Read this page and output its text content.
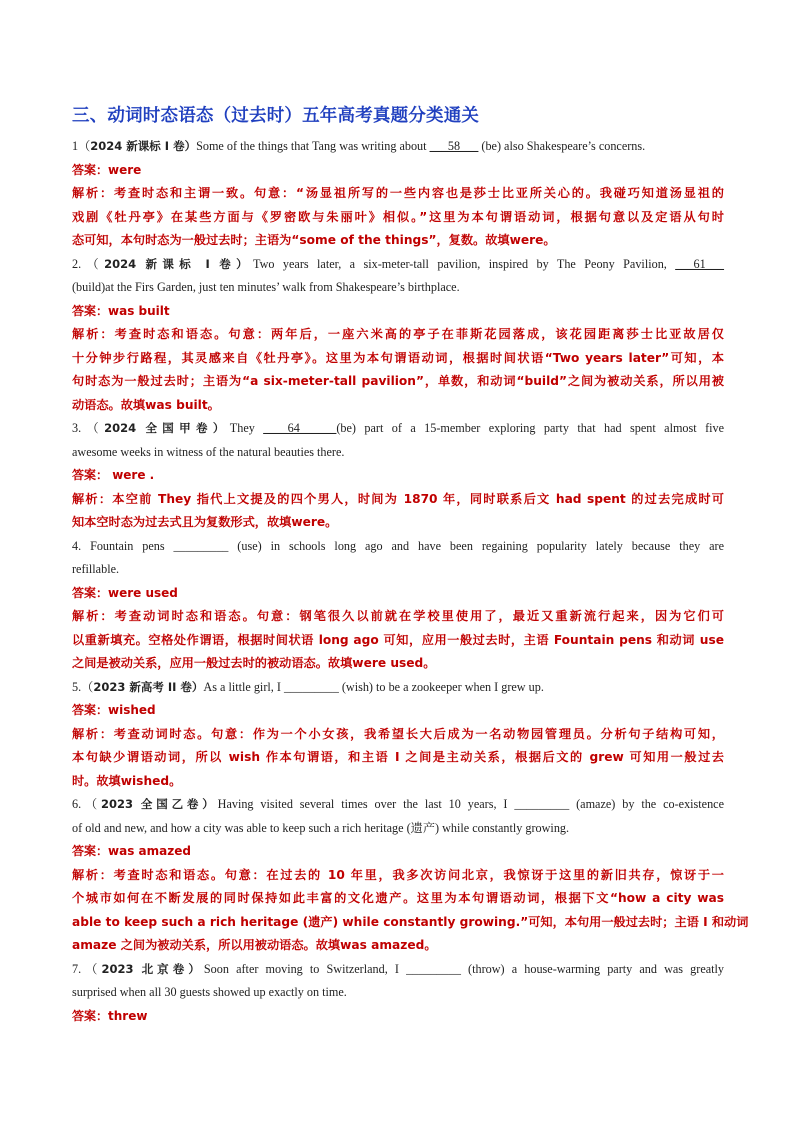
三、动词时态语态（过去时）五年高考真题分类通关
1（2024 新课标 I 卷）Some of the things that Tang was writing about ___58___ (be) also Shakespeare’s concerns.
答案：were
解析：考查时态和主谓一致。句意：“汤显祖所写的一些内容也是莎士比亚所关心的。我碰巧知道汤显祖的
戏剧《牡丹亭》在某些方面与《罗密欧与朱丽叶》相似。”这里为本句谓语动词，根据句意以及定语从句时
态可知，本句时态为一般过去时；主语为“some of the things”，复数。故填were。
2.（2024 新课标 I 卷）Two years later, a six-meter-tall pavilion, inspired by The Peony Pavilion, ___61___
(build)at the Firs Garden, just ten minutes’ walk from Shakespeare’s birthplace.
答案：was built
解析：考查时态和语态。句意：两年后，一座六米高的亭子在菲斯花园落成，该花园距离莎士比亚故居仅
十分钟步行路程，其灵感来自《牡丹亭》。这里为本句谓语动词，根据时间状语“Two years later”可知，本
句时态为一般过去时；主语为“a six-meter-tall pavilion”，单数，和动词“build”之间为被动关系，所以用被
动语态。故填was built。
3.（2024 全国甲卷）They ____64______(be) part of a 15-member exploring party that had spent almost five
awesome weeks in witness of the natural beauties there.
答案： were .
解析：本空前 They 指代上文提及的四个男人，时间为 1870 年，同时联系后文 had spent 的过去完成时可
知本空时态为过去式且为复数形式，故填were。
4. Fountain pens _________ (use) in schools long ago and have been regaining popularity lately because they are
refillable.
答案：were used
解析：考查动词时态和语态。句意：钢笔很久以前就在学校里使用了，最近又重新流行起来，因为它们可
以重新填充。空格处作谓语，根据时间状语 long ago 可知，应用一般过去时，主语 Fountain pens 和动词 use
之间是被动关系，应用一般过去时的被动语态。故填were used。
5.（2023 新高考 II 卷）As a little girl, I _________ (wish) to be a zookeeper when I grew up.
答案：wished
解析：考查动词时态。句意：作为一个小女孩，我希望长大后成为一名动物园管理员。分析句子结构可知，
本句缺少谓语动词，所以 wish 作本句谓语，和主语 I 之间是主动关系，根据后文的 grew 可知用一般过去
时。故填wished。
6.（2023 全国乙卷）Having visited several times over the last 10 years, I _________ (amaze) by the co-existence
of old and new, and how a city was able to keep such a rich heritage (遗产) while constantly growing.
答案：was amazed
解析：考查时态和语态。句意：在过去的 10 年里，我多次访问北京，我惊讶于这里的新旧共存，惊讶于一
个城市如何在不断发展的同时保持如此丰富的文化遗产。这里为本句谓语动词，根据下文“how a city was
able to keep such a rich heritage (遗产) while constantly growing.”可知，本句用一般过去时；主语 I 和动词
amaze 之间为被动关系，所以用被动语态。故填was amazed。
7.（2023 北京卷）Soon after moving to Switzerland, I _________ (throw) a house-warming party and was greatly
surprised when all 30 guests showed up exactly on time.
答案：threw
